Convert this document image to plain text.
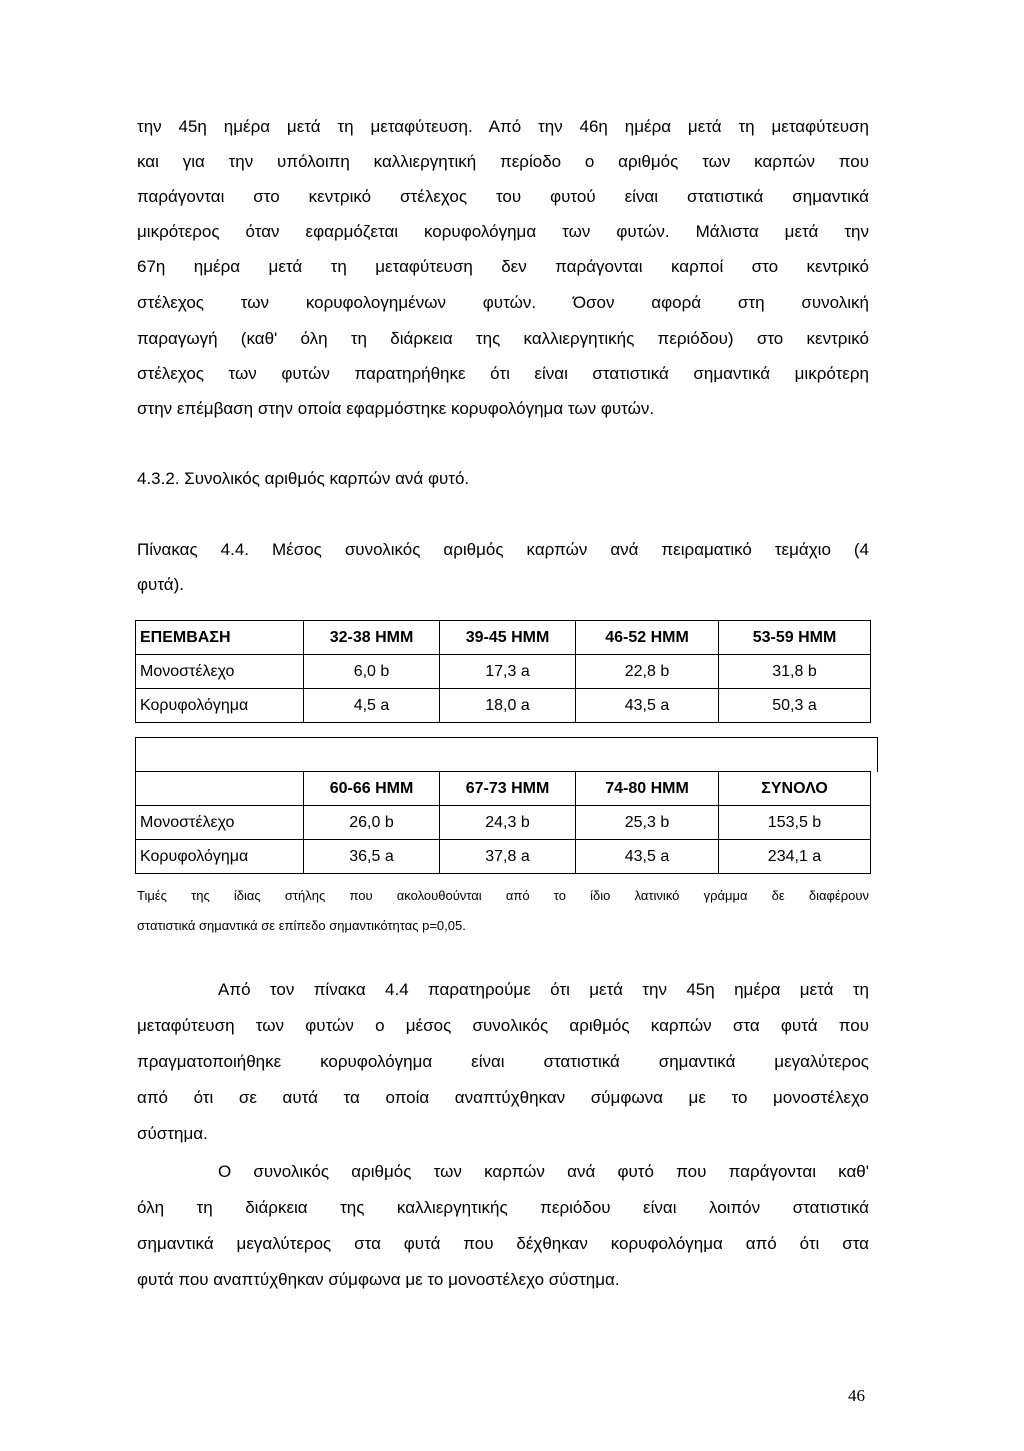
την 45η ημέρα μετά τη μεταφύτευση. Από την 46η ημέρα μετά τη μεταφύτευση
και για την υπόλοιπη καλλιεργητική περίοδο ο αριθμός των καρπών που
παράγονται στο κεντρικό στέλεχος του φυτού είναι στατιστικά σημαντικά
μικρότερος όταν εφαρμόζεται κορυφολόγημα των φυτών. Μάλιστα μετά την
67η ημέρα μετά τη μεταφύτευση δεν παράγονται καρποί στο κεντρικό
στέλεχος των κορυφολογημένων φυτών. Όσον αφορά στη συνολική
παραγωγή (καθ' όλη τη διάρκεια της καλλιεργητικής περιόδου) στο κεντρικό
στέλεχος των φυτών παρατηρήθηκε ότι είναι στατιστικά σημαντικά μικρότερη
στην επέμβαση στην οποία εφαρμόστηκε κορυφολόγημα των φυτών.
4.3.2. Συνολικός αριθμός καρπών ανά φυτό.
Πίνακας 4.4. Μέσος συνολικός αριθμός καρπών ανά πειραματικό τεμάχιο (4
φυτά).
ΕΠΕΜΒΑΣΗ	32-38 ΗΜΜ	39-45 ΗΜΜ	46-52 ΗΜΜ	53-59 ΗΜΜ
Μονοστέλεχο	6,0 b	17,3 a	22,8 b	31,8 b
Κορυφολόγημα	4,5 a	18,0 a	43,5 a	50,3 a
	60-66 ΗΜΜ	67-73 ΗΜΜ	74-80 ΗΜΜ	ΣΥΝΟΛΟ
Μονοστέλεχο	26,0 b	24,3 b	25,3 b	153,5 b
Κορυφολόγημα	36,5 a	37,8 a	43,5 a	234,1 a
Τιμές της ίδιας στήλης που ακολουθούνται από το ίδιο λατινικό γράμμα δε διαφέρουν
στατιστικά σημαντικά σε επίπεδο σημαντικότητας p=0,05.
Από τον πίνακα 4.4 παρατηρούμε ότι μετά την 45η ημέρα μετά τη
μεταφύτευση των φυτών ο μέσος συνολικός αριθμός καρπών στα φυτά που
πραγματοποιήθηκε κορυφολόγημα είναι στατιστικά σημαντικά μεγαλύτερος
από ότι σε αυτά τα οποία αναπτύχθηκαν σύμφωνα με το μονοστέλεχο
σύστημα.
Ο συνολικός αριθμός των καρπών ανά φυτό που παράγονται καθ'
όλη τη διάρκεια της καλλιεργητικής περιόδου είναι λοιπόν στατιστικά
σημαντικά μεγαλύτερος στα φυτά που δέχθηκαν κορυφολόγημα από ότι στα
φυτά που αναπτύχθηκαν σύμφωνα με το μονοστέλεχο σύστημα.
46
